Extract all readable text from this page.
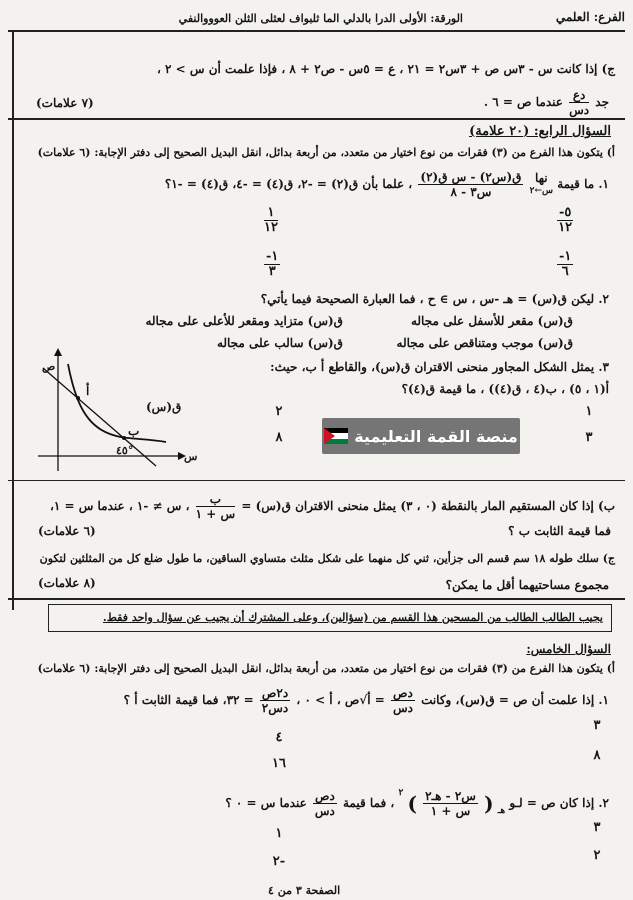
الفرع: العلمي
الورقة: الأولى الدرا بالدلي الما ثلبواف لعثلى الثلن العوووالنفي
ج) إذا كانت س - ٣س ص + ٣س٢ = ٢١ ، ع = ٥س - ص٢ + ٨ ، فإذا علمت أن س > ٢ ،
جد
$\frac{\text{دع}}{\text{دس}}$
عندما ص = ٦ .
(٧ علامات)
السؤال الرابع: (٢٠ علامة)
أ) يتكون هذا الفرع من (٣) فقرات من نوع اختيار من متعدد، من أربعة بدائل، انقل البديل الصحيح إلى دفتر الإجابة: (٦ علامات)
١. ما قيمة
نها
س←٢

$\frac{\text{ق(س٢) - س ق(٢)}}{\text{س٣ - ٨}}$
، علما بأن ق(٢) = -٢، ق(٤) = -٤، ق(٤) = -١؟
$\frac{١}{١٢}$	$\frac{٥-}{١٢}$
$\frac{١-}{٣}$	$\frac{١-}{٦}$
٢. ليكن ق(س) = هـ -س ، س ∋ ح ، فما العبارة الصحيحة فيما يأتي؟
ق(س) مقعر للأسفل على مجاله
ق(س) متزايد ومقعر للأعلى على مجاله
ق(س) موجب ومتناقص على مجاله
ق(س) سالب على مجاله
٣. يمثل الشكل المجاور منحنى الاقتران ق(س)، والقاطع أ ب، حيث:
أ(١ ، ٥) ، ب(٤ ، ق(٤)) ، ما قيمة ق(٤)؟
١
٢
٣
٨
أ
ب
٤٥°
ق(س)
س
ص
منصة القمة التعليمية
ب) إذا كان المستقيم المار بالنقطة (٠ ، ٣) يمثل منحنى الاقتران ق(س) =
$\frac{\text{ب}}{\text{س + ١}}$
، س ≠ -١ ، عندما س = ١،
فما قيمة الثابت ب ؟
(٦ علامات)
ج) سلك طوله ١٨ سم قسم الى جزأين، ثني كل منهما على شكل مثلث متساوي الساقين، ما طول ضلع كل من المثلثين لتكون
مجموع مساحتيهما أقل ما يمكن؟
(٨ علامات)
يجيب الطالب الطالب من المسحين هذا القسم من (سؤالين)، وعلى المشترك أن يجيب عن سؤال واحد فقط.
السؤال الخامس:
أ) يتكون هذا الفرع من (٣) فقرات من نوع اختيار من متعدد، من أربعة بدائل، انقل البديل الصحيح إلى دفتر الإجابة: (٦ علامات)
١. إذا علمت أن ص = ق(س)، وكانت
$\frac{\text{دص}}{\text{دس}}$
= أ√ص ، أ > ٠ ،
$\frac{\text{د٢ص}}{\text{دس٢}}$
= ٣٢، فما قيمة الثابت أ ؟
٣
٤
٨
١٦
٢. إذا كان ص = لـو $_{هـ}$ (
$\frac{\text{س٢ - هـ٢}}{\text{س + ١}}$
) $^٢$ ، فما قيمة
$\frac{\text{دص}}{\text{دس}}$
عندما س = ٠ ؟
٣
١
٢
٢-
الصفحة ٣ من ٤
